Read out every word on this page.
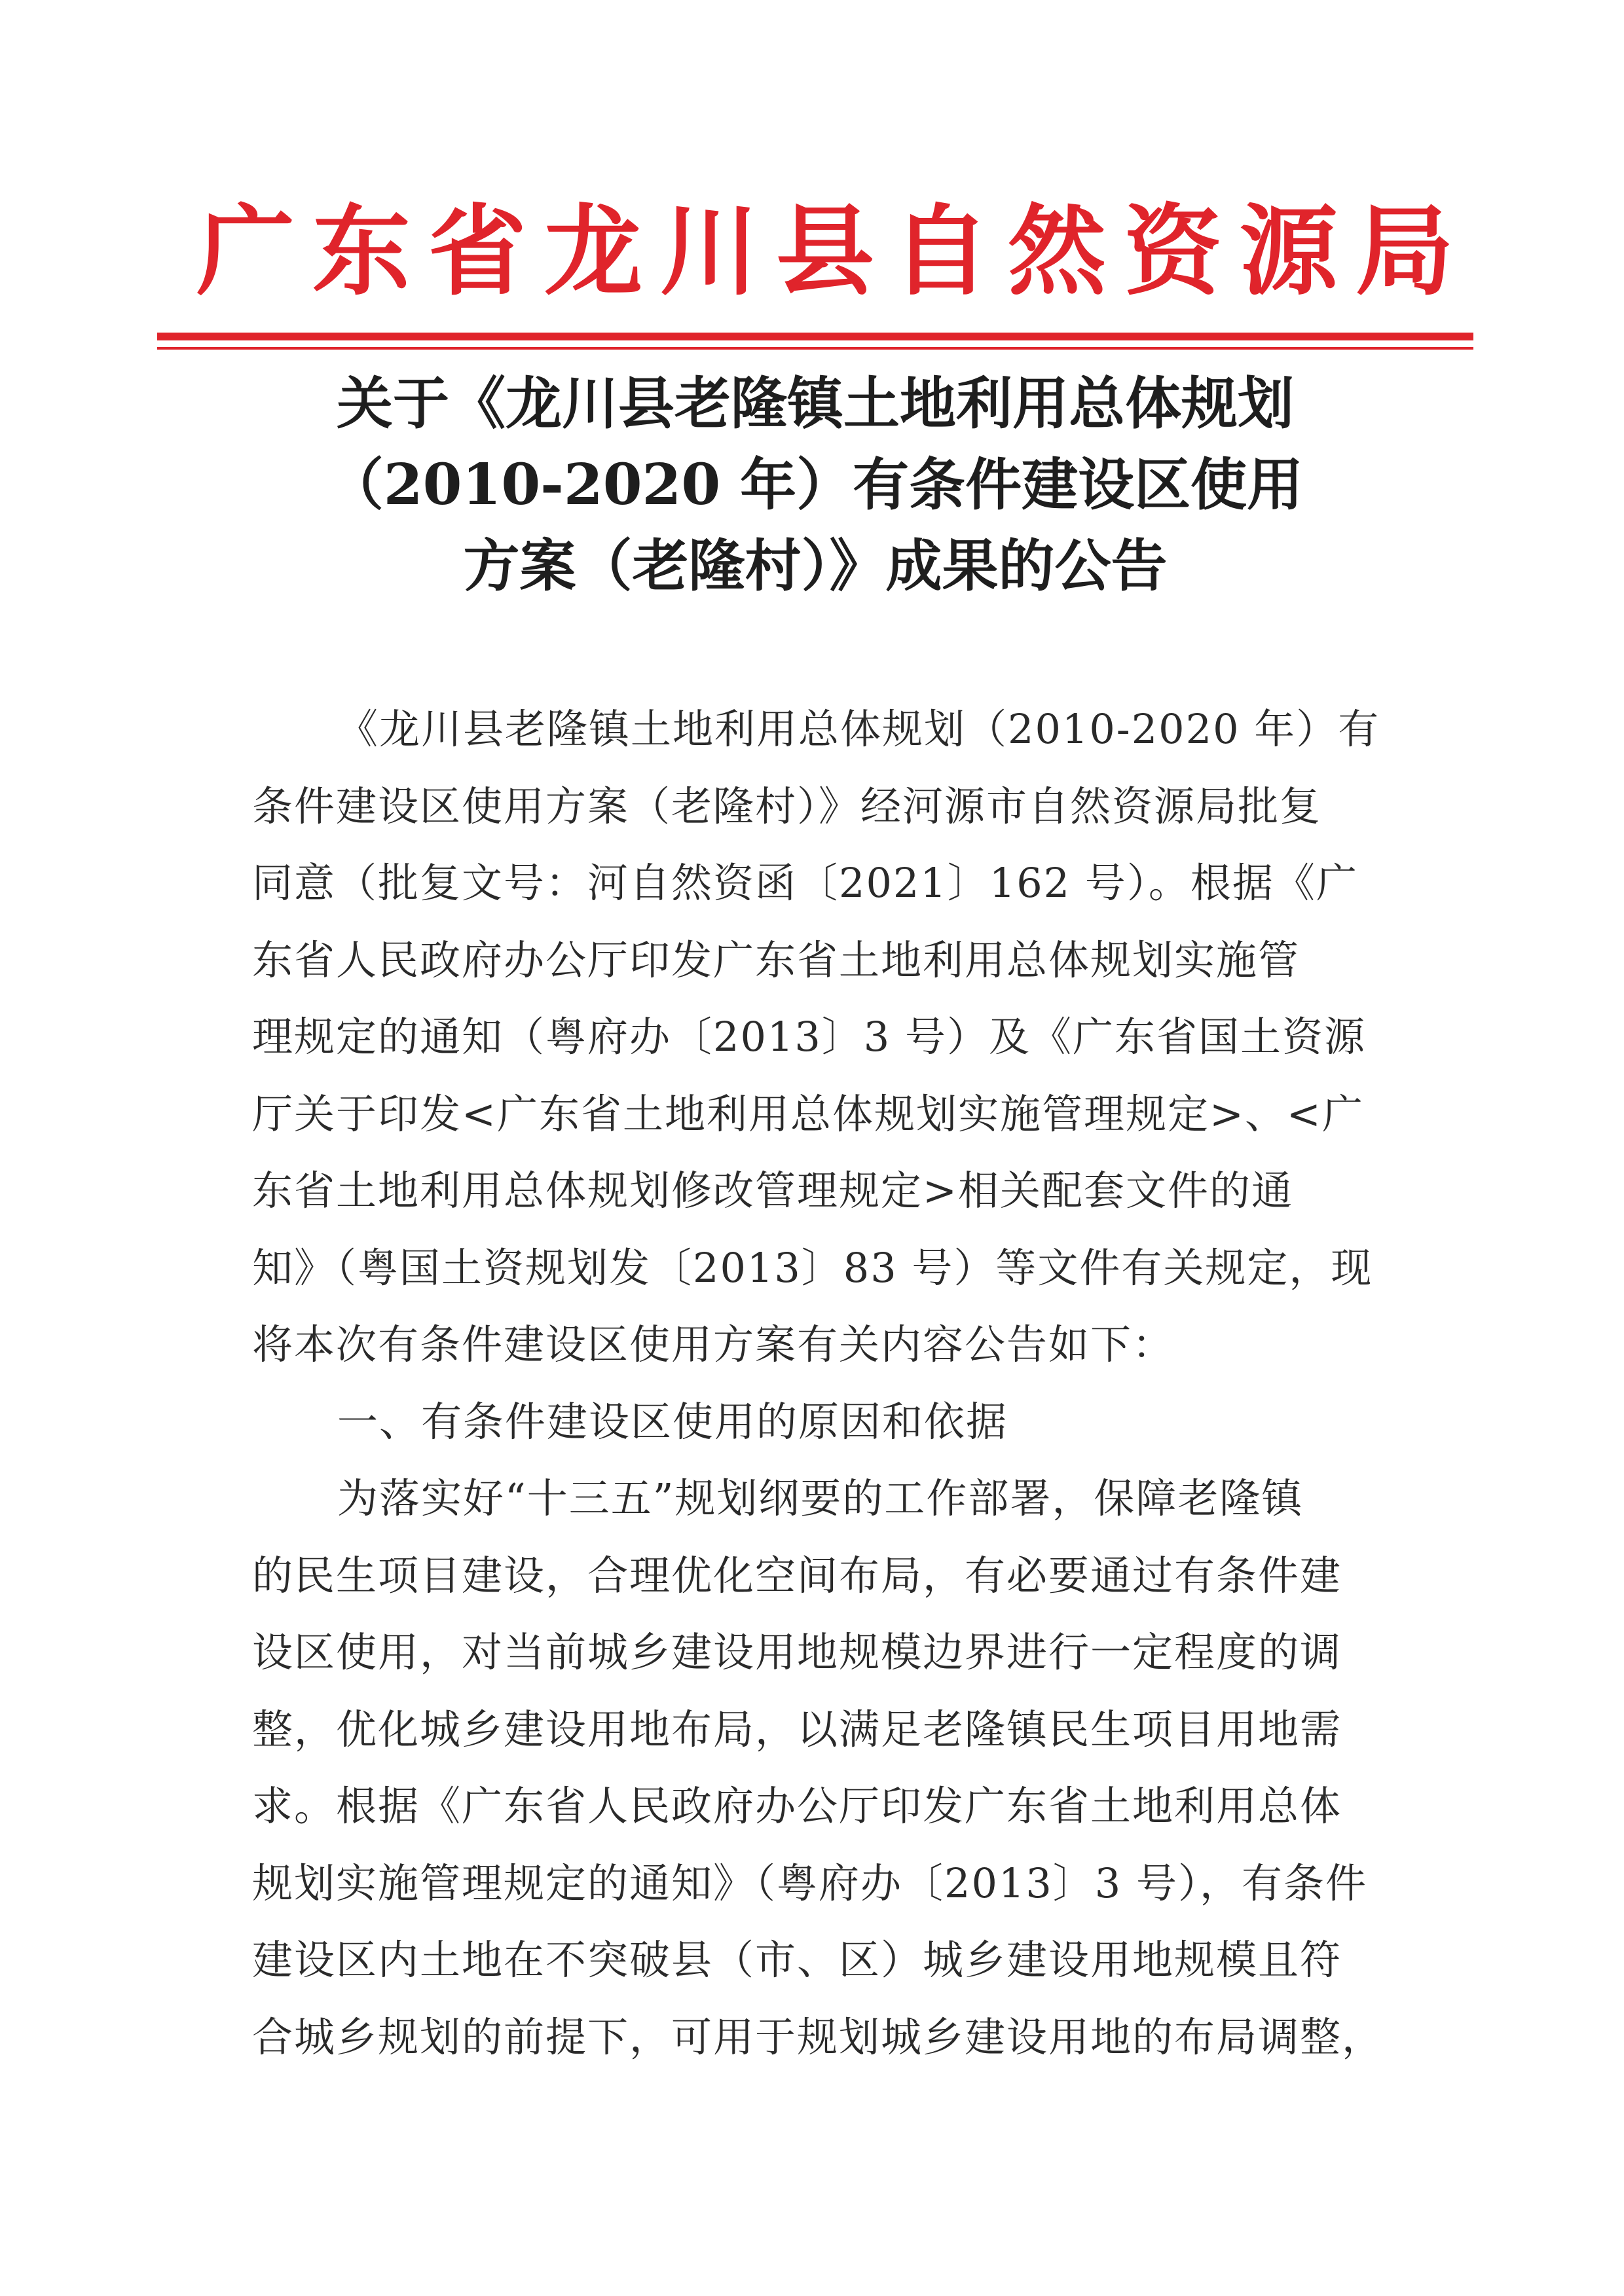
广 东 省 龙 川 县 自 然 资 源 局
关于《龙川县老隆镇土地利用总体规划
（2010-2020 年）有条件建设区使用
方案（老隆村）》成果的公告
《龙川县老隆镇土地利用总体规划（2010-2020 年）有
条件建设区使用方案（老隆村）》经河源市自然资源局批复
同意（批复文号：河自然资函〔2021〕162 号）。根据《广
东省人民政府办公厅印发广东省土地利用总体规划实施管
理规定的通知（粤府办〔2013〕3 号）及《广东省国土资源
厅关于印发<广东省土地利用总体规划实施管理规定>、<广
东省土地利用总体规划修改管理规定>相关配套文件的通
知》（粤国土资规划发〔2013〕83 号）等文件有关规定，现
将本次有条件建设区使用方案有关内容公告如下：
一、有条件建设区使用的原因和依据
为落实好“十三五”规划纲要的工作部署，保障老隆镇
的民生项目建设，合理优化空间布局，有必要通过有条件建
设区使用，对当前城乡建设用地规模边界进行一定程度的调
整，优化城乡建设用地布局，以满足老隆镇民生项目用地需
求。根据《广东省人民政府办公厅印发广东省土地利用总体
规划实施管理规定的通知》（粤府办〔2013〕3 号），有条件
建设区内土地在不突破县（市、区）城乡建设用地规模且符
合城乡规划的前提下，可用于规划城乡建设用地的布局调整，
